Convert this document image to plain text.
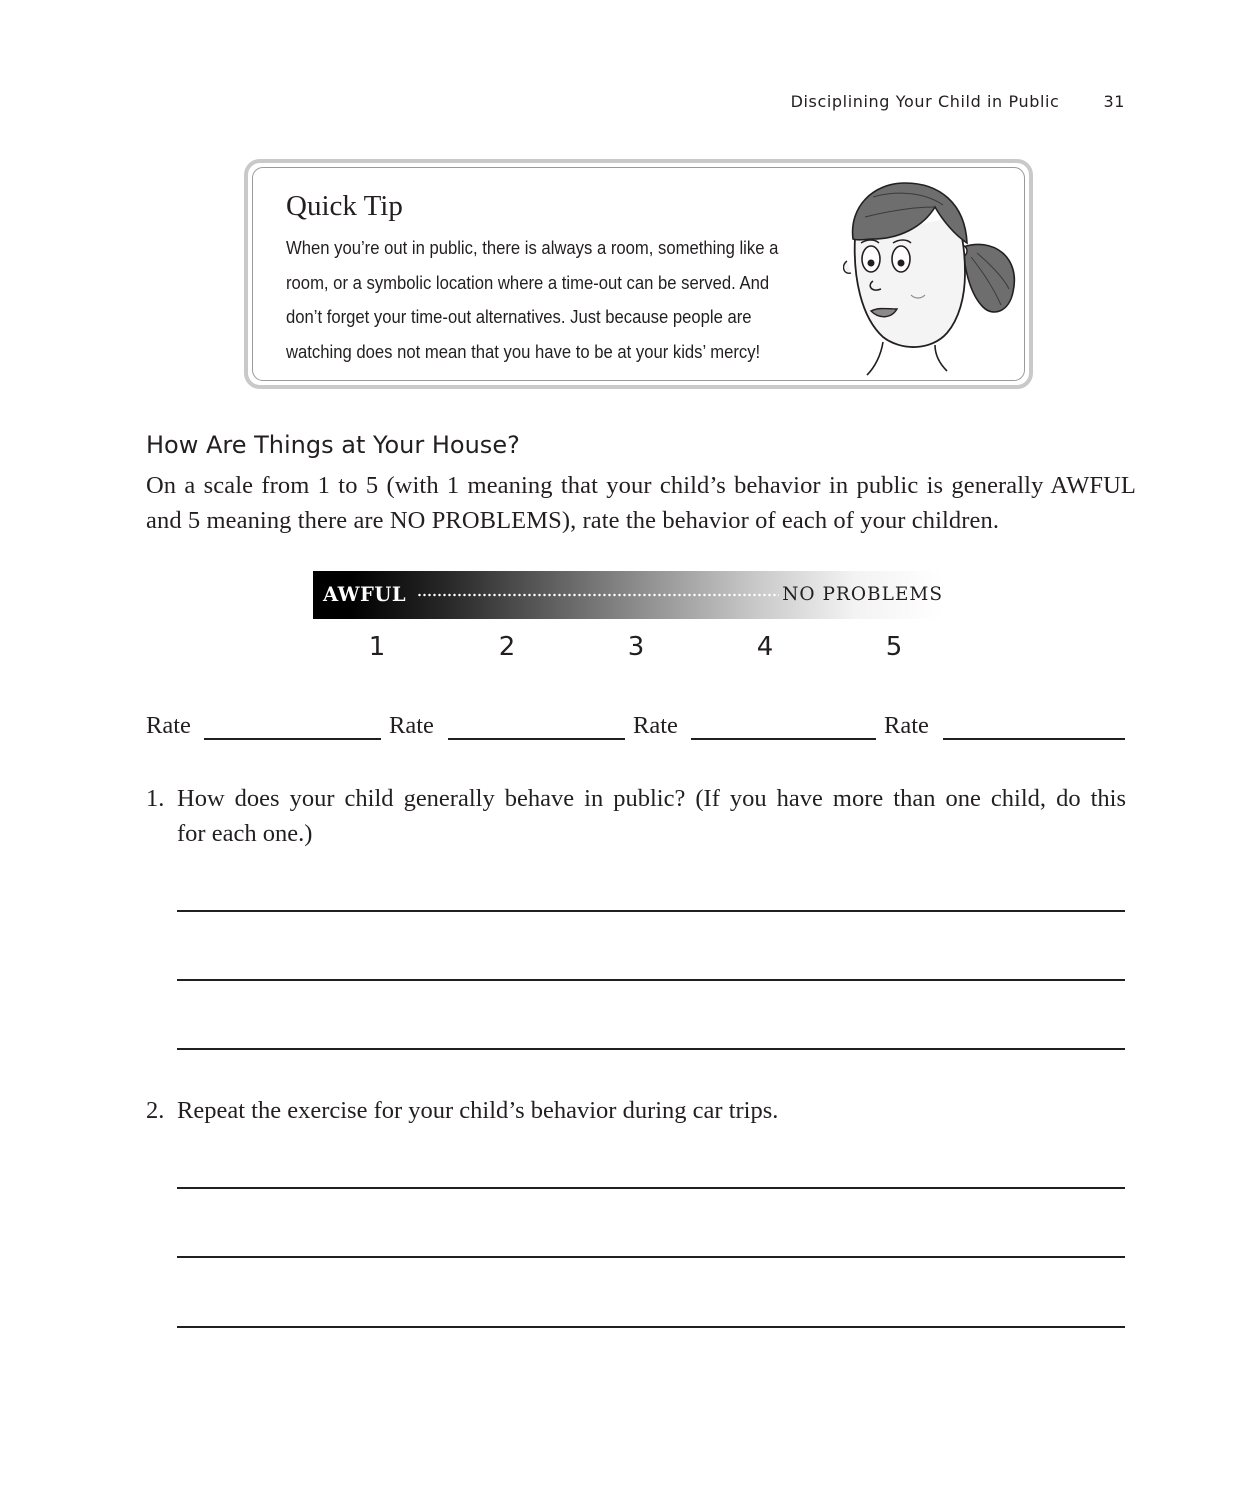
Disciplining Your Child in Public	31
Quick Tip
When you’re out in public, there is always a room, something like a
room, or a symbolic location where a time-out can be served. And
don’t forget your time-out alternatives. Just because people are
watching does not mean that you have to be at your kids’ mercy!
How Are Things at Your House?
On a scale from 1 to 5 (with 1 meaning that your child’s behavior in public is generally AWFUL
and 5 meaning there are NO PROBLEMS), rate the behavior of each of your children.
AWFUL	NO PROBLEMS
1	2	3	4	5
Rate	Rate	Rate	Rate
1. How does your child generally behave in public? (If you have more than one child, do this
for each one.)
2. Repeat the exercise for your child’s behavior during car trips.
